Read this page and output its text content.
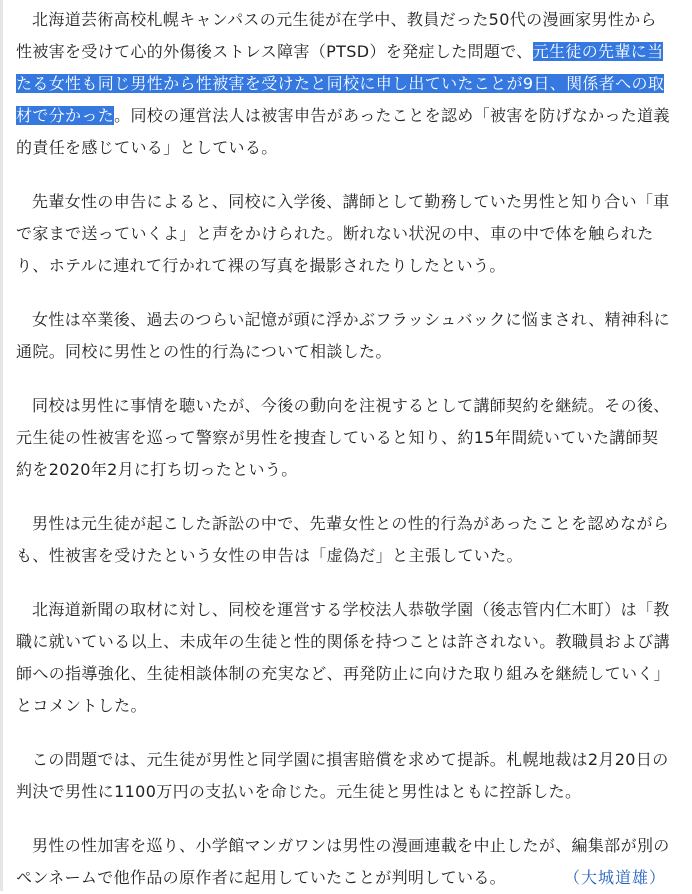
北海道芸術高校札幌キャンパスの元生徒が在学中、教員だった50代の漫画家男性から性被害を受けて心的外傷後ストレス障害（PTSD）を発症した問題で、元生徒の先輩に当たる女性も同じ男性から性被害を受けたと同校に申し出ていたことが9日、関係者への取材で分かった。同校の運営法人は被害申告があったことを認め「被害を防げなかった道義的責任を感じている」としている。

先輩女性の申告によると、同校に入学後、講師として勤務していた男性と知り合い「車で家まで送っていくよ」と声をかけられた。断れない状況の中、車の中で体を触られたり、ホテルに連れて行かれて裸の写真を撮影されたりしたという。

女性は卒業後、過去のつらい記憶が頭に浮かぶフラッシュバックに悩まされ、精神科に通院。同校に男性との性的行為について相談した。

同校は男性に事情を聴いたが、今後の動向を注視するとして講師契約を継続。その後、元生徒の性被害を巡って警察が男性を捜査していると知り、約15年間続いていた講師契約を2020年2月に打ち切ったという。

男性は元生徒が起こした訴訟の中で、先輩女性との性的行為があったことを認めながらも、性被害を受けたという女性の申告は「虚偽だ」と主張していた。

北海道新聞の取材に対し、同校を運営する学校法人恭敬学園（後志管内仁木町）は「教職に就いている以上、未成年の生徒と性的関係を持つことは許されない。教職員および講師への指導強化、生徒相談体制の充実など、再発防止に向けた取り組みを継続していく」とコメントした。

この問題では、元生徒が男性と同学園に損害賠償を求めて提訴。札幌地裁は2月20日の判決で男性に1100万円の支払いを命じた。元生徒と男性はともに控訴した。

男性の性加害を巡り、小学館マンガワンは男性の漫画連載を中止したが、編集部が別のペンネームで他作品の原作者に起用していたことが判明している。	（大城道雄）
